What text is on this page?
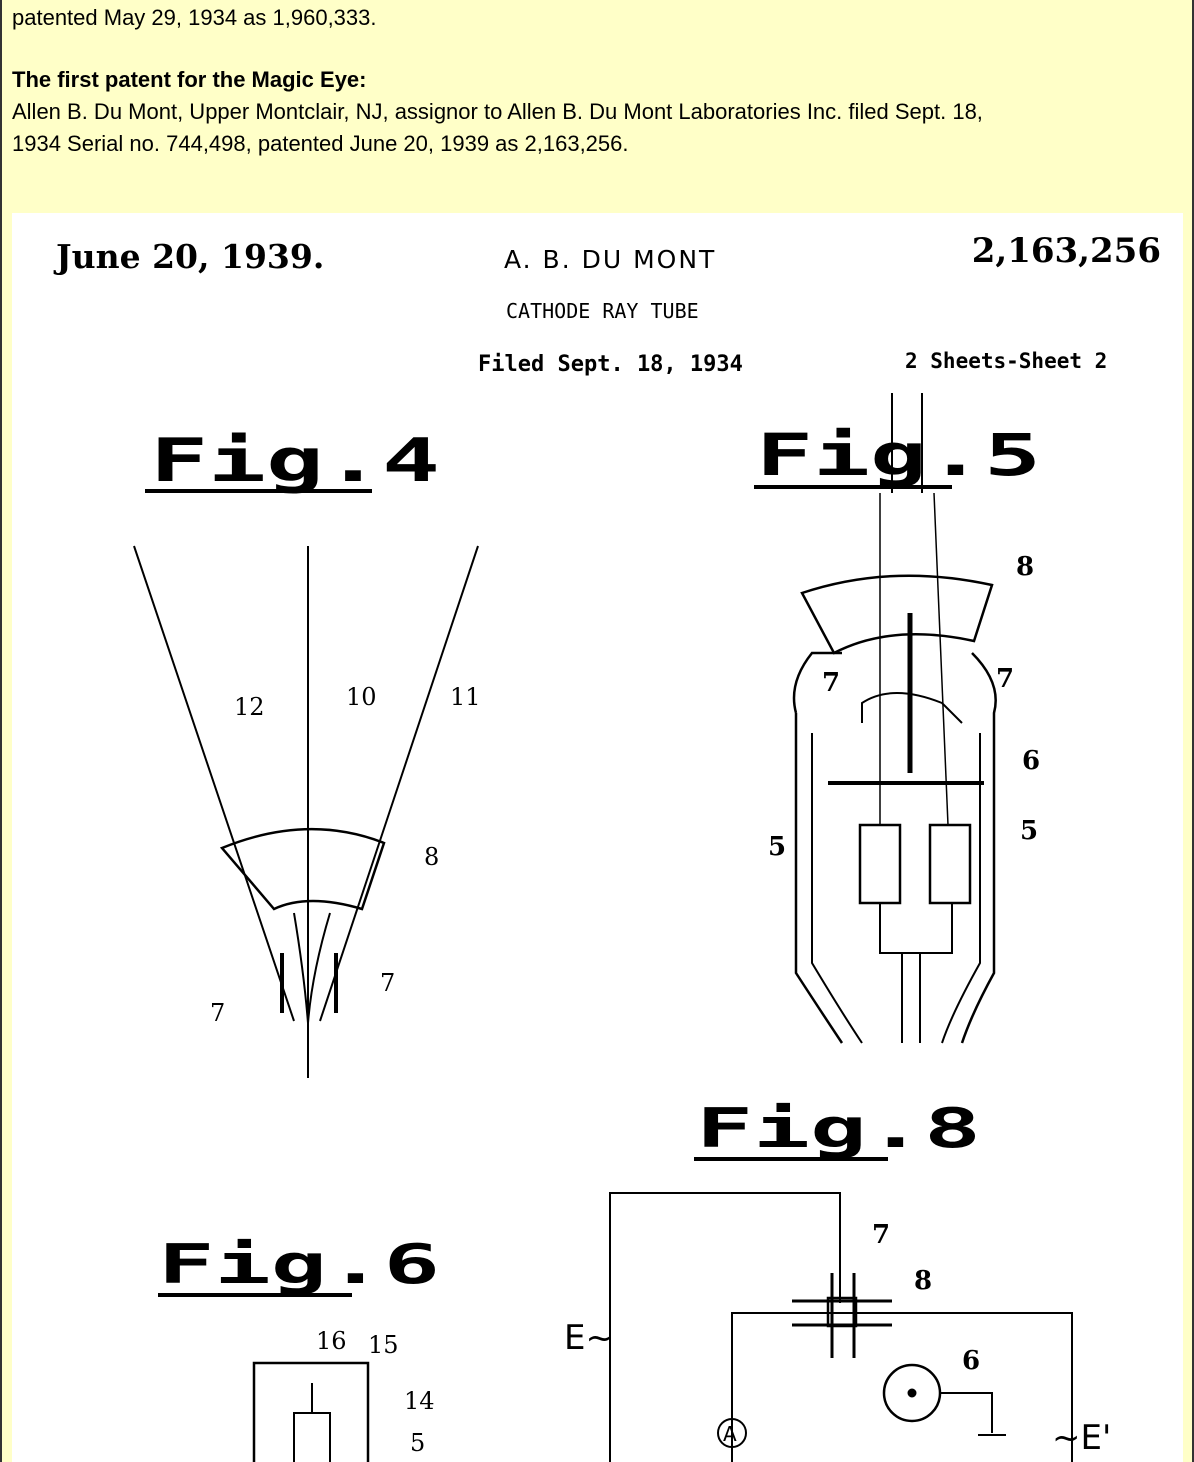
patented May 29, 1934 as 1,960,333.

The first patent for the Magic Eye:

Allen B. Du Mont, Upper Montclair, NJ, assignor to Allen B. Du Mont Laboratories Inc. filed Sept. 18,

1934 Serial no. 744,498, patented June 20, 1939 as 2,163,256.

June 20, 1939.	A. B. DU MONT	2,163,256
CATHODE RAY TUBE
Filed Sept. 18, 1934	2 Sheets-Sheet 2
Fig.4
12	10	11
8
7
7
Fig.5
8
7	7
6
5
5
Fig.8
A
7
8
6
E~
~E'
Fig.6
16 15
14
5
